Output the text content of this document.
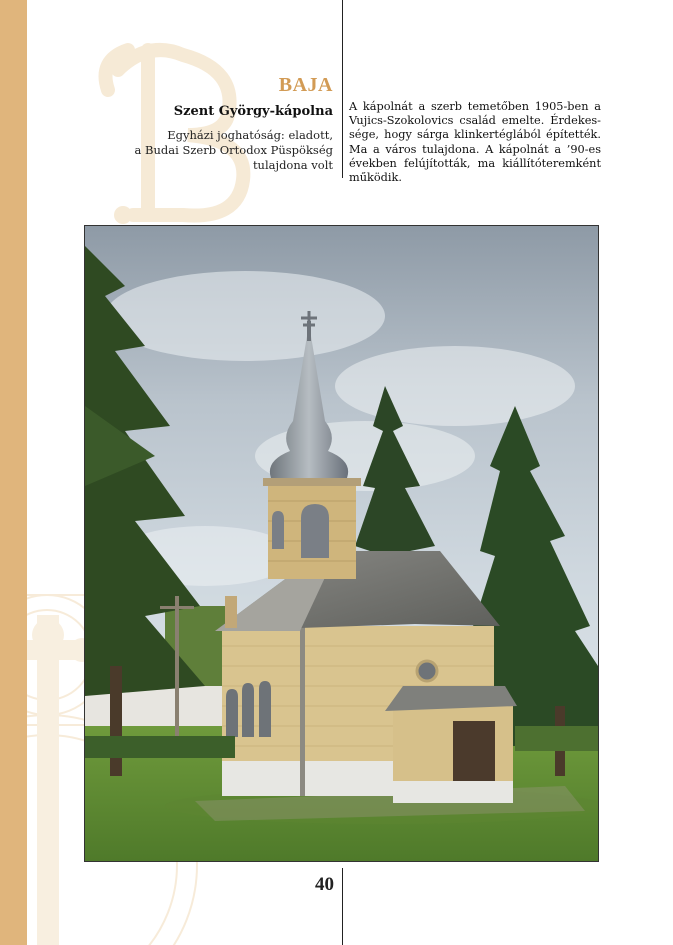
BAJA
Szent György-kápolna
Egyházi joghatóság: eladott,
a Budai Szerb Ortodox Püspökség
tulajdona volt
A kápolnát a szerb temetőben 1905-ben a
Vujics-Szokolovics család emelte. Érdekes-
sége, hogy sárga klinkertéglából építették.
Ma a város tulajdona. A kápolnát a ’90-es
években felújították, ma kiállítóteremként
működik.
40
